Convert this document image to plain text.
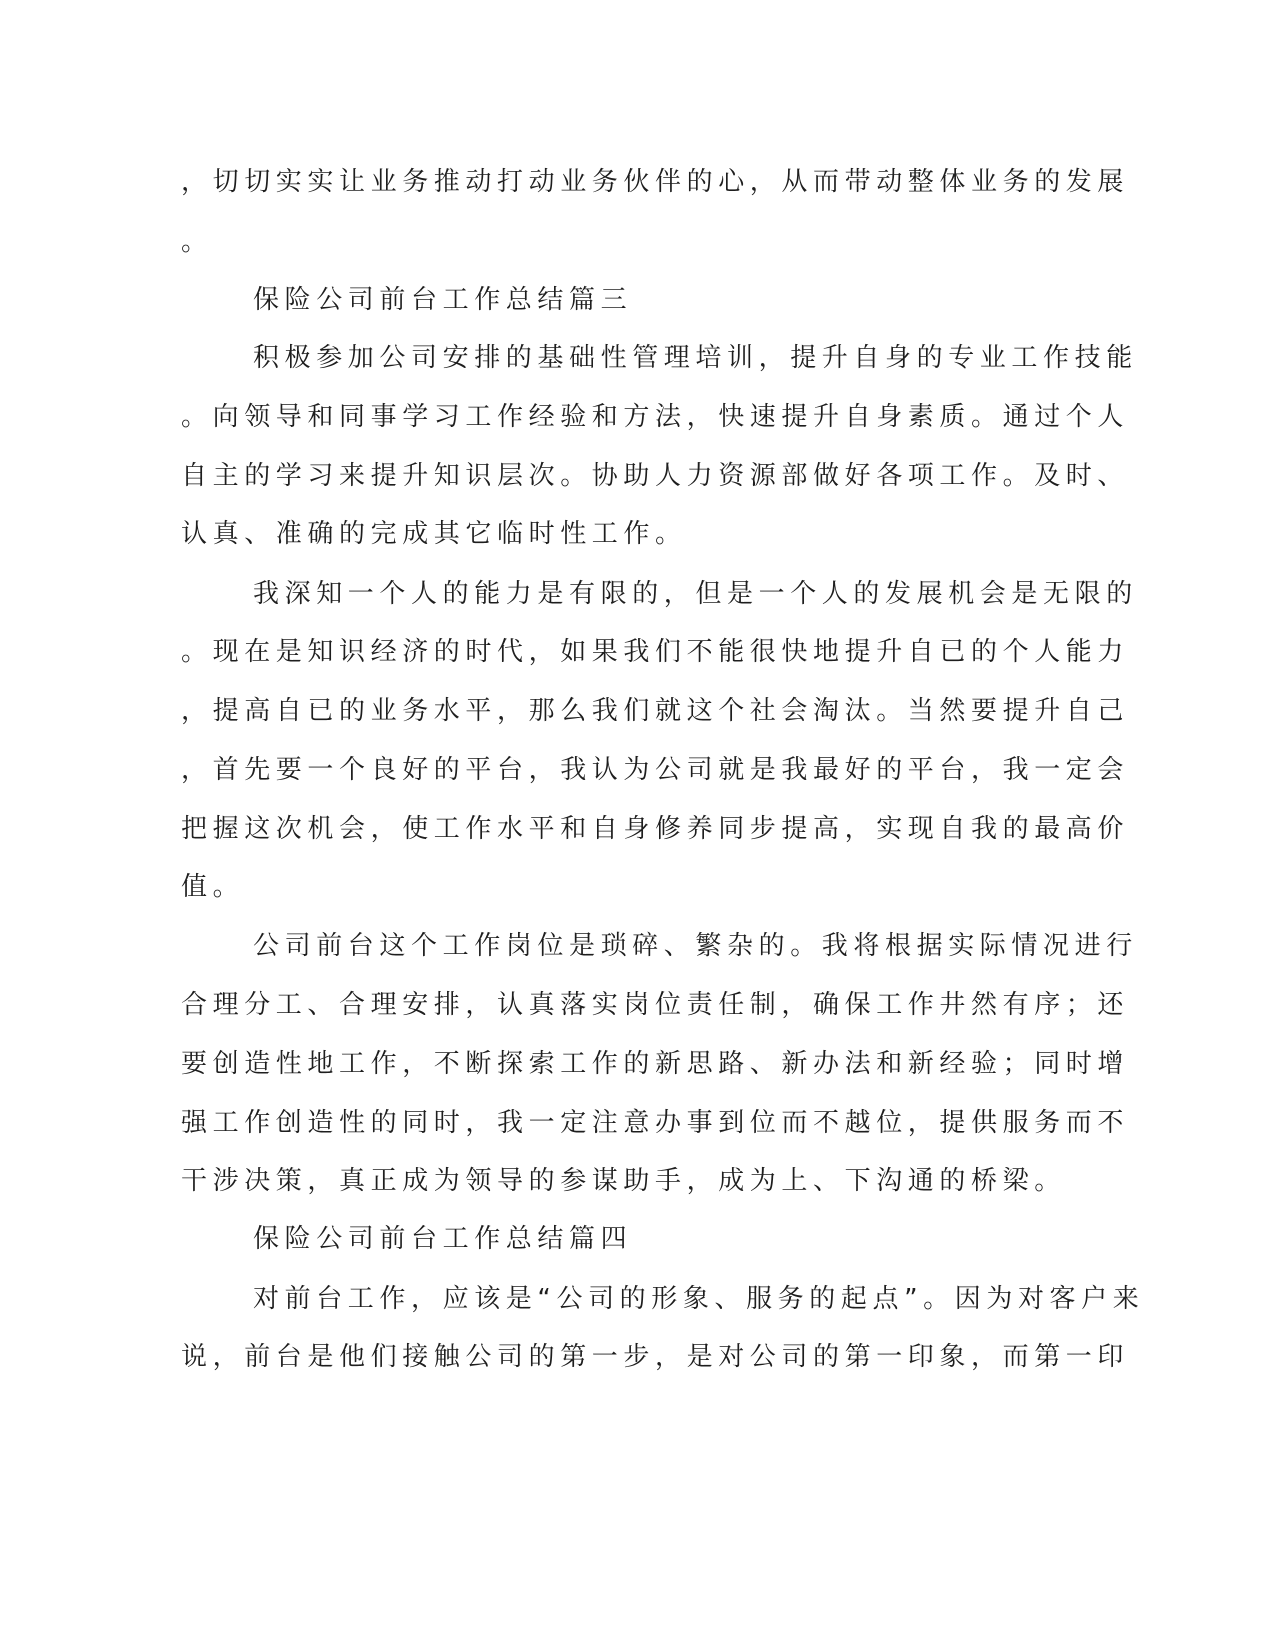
，切切实实让业务推动打动业务伙伴的心，从而带动整体业务的发展
。
保险公司前台工作总结篇三
积极参加公司安排的基础性管理培训，提升自身的专业工作技能
。向领导和同事学习工作经验和方法，快速提升自身素质。通过个人
自主的学习来提升知识层次。协助人力资源部做好各项工作。及时、
认真、准确的完成其它临时性工作。
我深知一个人的能力是有限的，但是一个人的发展机会是无限的
。现在是知识经济的时代，如果我们不能很快地提升自已的个人能力
，提高自已的业务水平，那么我们就这个社会淘汰。当然要提升自己
，首先要一个良好的平台，我认为公司就是我最好的平台，我一定会
把握这次机会，使工作水平和自身修养同步提高，实现自我的最高价
值。
公司前台这个工作岗位是琐碎、繁杂的。我将根据实际情况进行
合理分工、合理安排，认真落实岗位责任制，确保工作井然有序；还
要创造性地工作，不断探索工作的新思路、新办法和新经验；同时增
强工作创造性的同时，我一定注意办事到位而不越位，提供服务而不
干涉决策，真正成为领导的参谋助手，成为上、下沟通的桥梁。
保险公司前台工作总结篇四
对前台工作，应该是“公司的形象、服务的起点”。因为对客户来
说，前台是他们接触公司的第一步，是对公司的第一印象，而第一印
